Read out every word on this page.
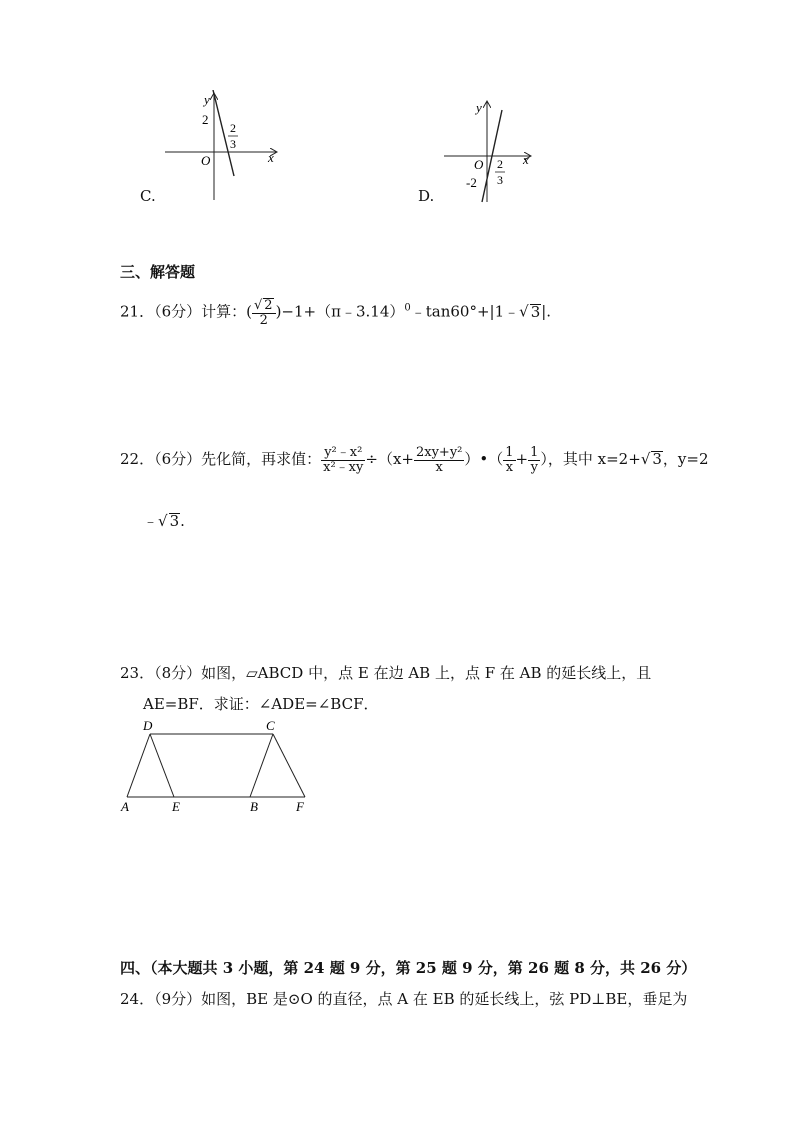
y
x
O
2
2
3
C.
y
x
O
-2
2
3
D.
三、解答题
21．（6分）计算：( $\frac{√ 2}{2}$ ﻿)−1+（π﹣3.14）$^0$﹣tan60°+|1﹣√ 3|.
22．（6分）先化简，再求值： $\frac{\text{y²﹣x²}}{\text{x²﹣xy}} \div(x+ \frac{\text{2xy+y²}}{x}$ ）•（ $\frac{1}{x} + \frac{1}{y}$ ），其中 x=2+√ 3，y=2
﹣√ 3.
23．（8分）如图，▱ABCD 中，点 E 在边 AB 上，点 F 在 AB 的延长线上，且
AE=BF．求证：∠ADE=∠BCF．
D	C
A	E	B	F
四、（本大题共 3 小题，第 24 题 9 分，第 25 题 9 分，第 26 题 8 分，共 26 分）
24．（9分）如图，BE 是⊙O 的直径，点 A 在 EB 的延长线上，弦 PD⊥BE，垂足为
